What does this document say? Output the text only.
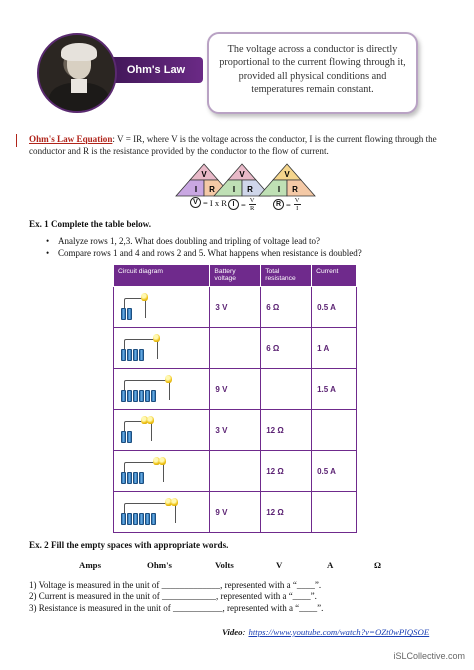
Ohm's Law
The voltage across a conductor is directly proportional to the current flowing through it, provided all physical conditions and temperatures remain constant.
Ohm's Law Equation: V = IR, where V is the voltage across the conductor, I is the current flowing through the conductor and R is the resistance provided by the conductor to the flow of current.
V
I R
V = I x R
V
I R
$I = \frac{V}{R}$
V
I R
$R = \frac{V}{I}$
Ex. 1 Complete the table below.
• Analyze rows 1, 2,3. What does doubling and tripling of voltage lead to?
• Compare rows 1 and 4 and rows 2 and 5. What happens when resistance is doubled?
Circuit diagram	Battery voltage	Total resistance	Current

	3 V	6 Ω	0.5 A

		6 Ω	1 A

	9 V		1.5 A

	3 V	12 Ω	

		12 Ω	0.5 A

	9 V	12 Ω	
Ex. 2 Fill the empty spaces with appropriate words.
Amps	Ohm's	Volts	V	A	Ω
1) Voltage is measured in the unit of _____________, represented with a “____”.
2) Current is measured in the unit of ____________, represented with a “____”.
3) Resistance is measured in the unit of ___________, represented with a “____”.
Video: https://www.youtube.com/watch?v=OZt0wPlQSOE
iSLCollective.com
